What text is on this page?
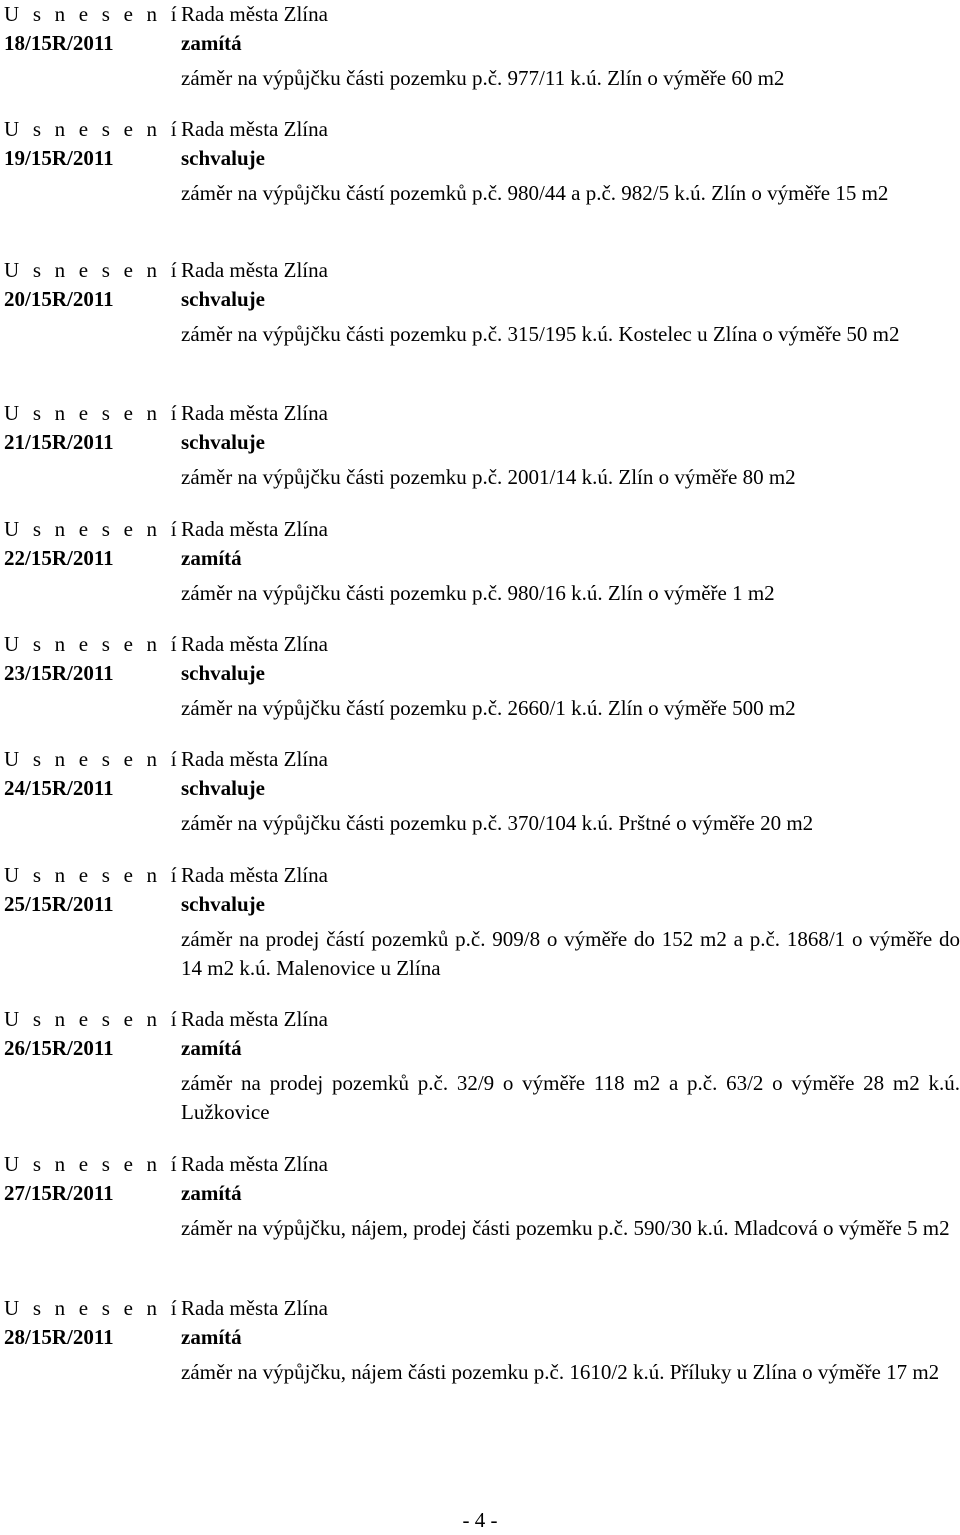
U s n e s e n í
18/15R/2011
Rada města Zlína
zamítá
záměr na výpůjčku části pozemku p.č. 977/11 k.ú. Zlín o výměře 60 m2
U s n e s e n í
19/15R/2011
Rada města Zlína
schvaluje
záměr na výpůjčku částí pozemků p.č. 980/44 a p.č. 982/5 k.ú. Zlín o výměře 15 m2
U s n e s e n í
20/15R/2011
Rada města Zlína
schvaluje
záměr na výpůjčku části pozemku p.č. 315/195 k.ú. Kostelec u Zlína o výměře 50 m2
U s n e s e n í
21/15R/2011
Rada města Zlína
schvaluje
záměr na výpůjčku části pozemku p.č. 2001/14 k.ú. Zlín o výměře 80 m2
U s n e s e n í
22/15R/2011
Rada města Zlína
zamítá
záměr na výpůjčku části pozemku p.č. 980/16 k.ú. Zlín o výměře 1 m2
U s n e s e n í
23/15R/2011
Rada města Zlína
schvaluje
záměr na výpůjčku částí pozemku p.č. 2660/1 k.ú. Zlín o výměře 500 m2
U s n e s e n í
24/15R/2011
Rada města Zlína
schvaluje
záměr na výpůjčku části pozemku p.č. 370/104 k.ú. Prštné o výměře 20 m2
U s n e s e n í
25/15R/2011
Rada města Zlína
schvaluje
záměr na prodej částí pozemků p.č. 909/8 o výměře do 152 m2 a p.č. 1868/1 o výměře do 14 m2 k.ú. Malenovice u Zlína
U s n e s e n í
26/15R/2011
Rada města Zlína
zamítá
záměr na prodej pozemků p.č. 32/9 o výměře 118 m2 a p.č. 63/2 o výměře 28 m2 k.ú. Lužkovice
U s n e s e n í
27/15R/2011
Rada města Zlína
zamítá
záměr na výpůjčku, nájem, prodej části pozemku p.č. 590/30 k.ú. Mladcová o výměře 5 m2
U s n e s e n í
28/15R/2011
Rada města Zlína
zamítá
záměr na výpůjčku, nájem části pozemku p.č. 1610/2 k.ú. Příluky u Zlína o výměře 17 m2
- 4 -
